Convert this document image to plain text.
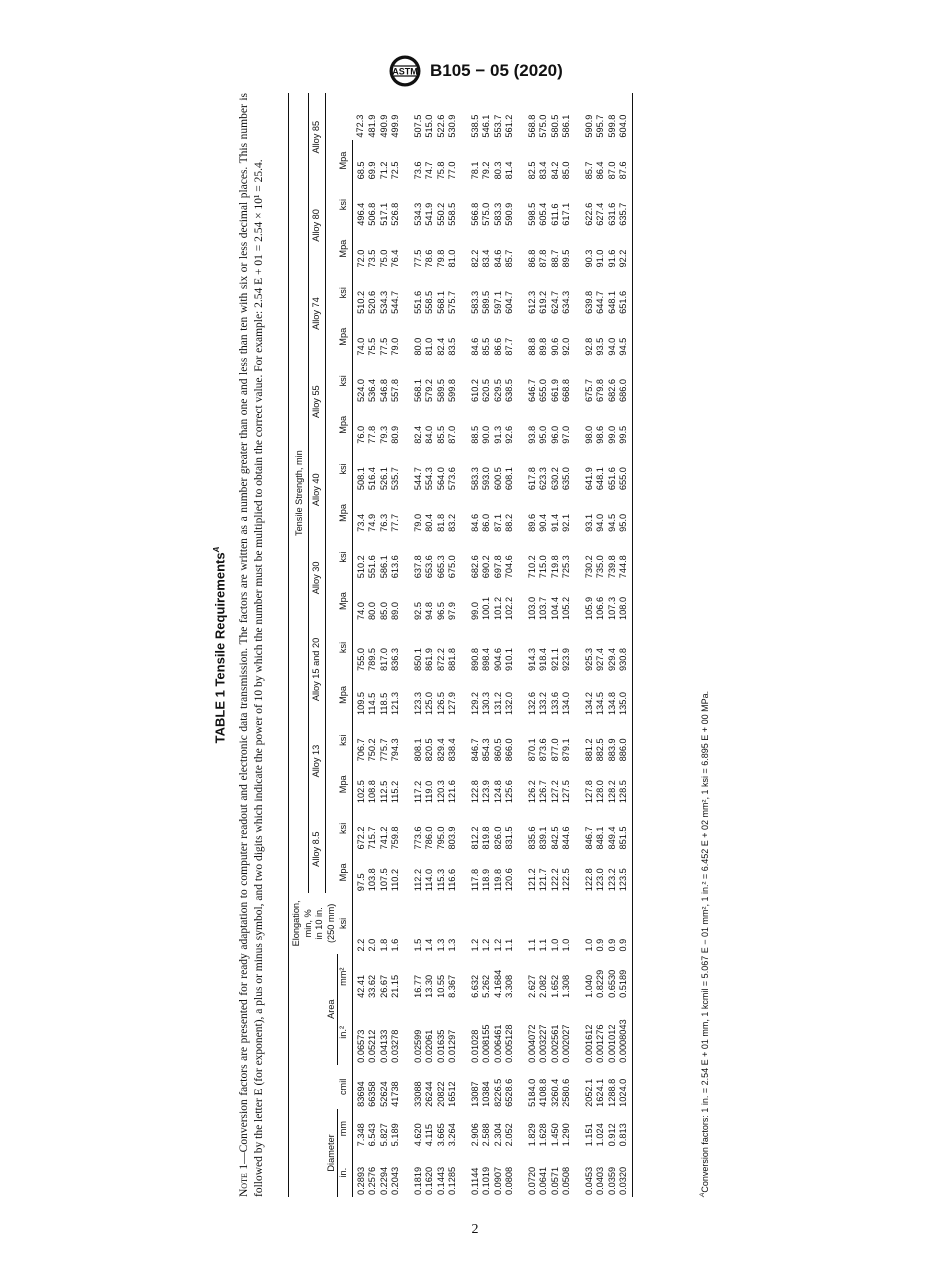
ASTM B105 − 05 (2020)
TABLE 1 Tensile Requirements$^A$
Note 1—Conversion factors are presented for ready adaptation to computer readout and electronic data transmission. The factors are written as a number greater than one and less than ten with six or less decimal places. This number is followed by the letter E (for exponent), a plus or minus symbol, and two digits which indicate the power of 10 by which the number must be multiplied to obtain the correct value. For example: 2.54 E + 01 = 2.54 × 10¹ = 25.4.

					Elongation, min, % in 10 in.	Tensile Strength, min																	
						Alloy 8.5		Alloy 13		Alloy 15 and 20		Alloy 30		Alloy 40		Alloy 55		Alloy 74		Alloy 80		Alloy 85	
Diameter			Area		(250 mm)																		
in.	mm	cmil	in.²	mm²	ksi	Mpa	ksi	Mpa	ksi	Mpa	ksi	Mpa	ksi	Mpa	ksi	Mpa	ksi	Mpa	ksi	Mpa	ksi	Mpa	
0.2893	7.348	83694	0.06573	42.41	2.2	97.5	672.2	102.5	706.7	109.5	755.0	74.0	510.2	73.4	508.1	76.0	524.0	74.0	510.2	72.0	496.4	68.5	472.3
0.2576	6.543	66358	0.05212	33.62	2.0	103.8	715.7	108.8	750.2	114.5	789.5	80.0	551.6	74.9	516.4	77.8	536.4	75.5	520.6	73.5	506.8	69.9	481.9
0.2294	5.827	52624	0.04133	26.67	1.8	107.5	741.2	112.5	775.7	118.5	817.0	85.0	586.1	76.3	526.1	79.3	546.8	77.5	534.3	75.0	517.1	71.2	490.9
0.2043	5.189	41738	0.03278	21.15	1.6	110.2	759.8	115.2	794.3	121.3	836.3	89.0	613.6	77.7	535.7	80.9	557.8	79.0	544.7	76.4	526.8	72.5	499.9

0.1819	4.620	33088	0.02599	16.77	1.5	112.2	773.6	117.2	808.1	123.3	850.1	92.5	637.8	79.0	544.7	82.4	568.1	80.0	551.6	77.5	534.3	73.6	507.5
0.1620	4.115	26244	0.02061	13.30	1.4	114.0	786.0	119.0	820.5	125.0	861.9	94.8	653.6	80.4	554.3	84.0	579.2	81.0	558.5	78.6	541.9	74.7	515.0
0.1443	3.665	20822	0.01635	10.55	1.3	115.3	795.0	120.3	829.4	126.5	872.2	96.5	665.3	81.8	564.0	85.5	589.5	82.4	568.1	79.8	550.2	75.8	522.6
0.1285	3.264	16512	0.01297	8.367	1.3	116.6	803.9	121.6	838.4	127.9	881.8	97.9	675.0	83.2	573.6	87.0	599.8	83.5	575.7	81.0	558.5	77.0	530.9

0.1144	2.906	13087	0.01028	6.632	1.2	117.8	812.2	122.8	846.7	129.2	890.8	99.0	682.6	84.6	583.3	88.5	610.2	84.6	583.3	82.2	566.8	78.1	538.5
0.1019	2.588	10384	0.008155	5.262	1.2	118.9	819.8	123.9	854.3	130.3	898.4	100.1	690.2	86.0	593.0	90.0	620.5	85.5	589.5	83.4	575.0	79.2	546.1
0.0907	2.304	8226.5	0.006461	4.1684	1.2	119.8	826.0	124.8	860.5	131.2	904.6	101.2	697.8	87.1	600.5	91.3	629.5	86.6	597.1	84.6	583.3	80.3	553.7
0.0808	2.052	6528.6	0.005128	3.308	1.1	120.6	831.5	125.6	866.0	132.0	910.1	102.2	704.6	88.2	608.1	92.6	638.5	87.7	604.7	85.7	590.9	81.4	561.2

0.0720	1.829	5184.0	0.004072	2.627	1.1	121.2	835.6	126.2	870.1	132.6	914.3	103.0	710.2	89.6	617.8	93.8	646.7	88.8	612.3	86.8	598.5	82.5	568.8
0.0641	1.628	4108.8	0.003227	2.082	1.1	121.7	839.1	126.7	873.6	133.2	918.4	103.7	715.0	90.4	623.3	95.0	655.0	89.8	619.2	87.8	605.4	83.4	575.0
0.0571	1.450	3260.4	0.002561	1.652	1.0	122.2	842.5	127.2	877.0	133.6	921.1	104.4	719.8	91.4	630.2	96.0	661.9	90.6	624.7	88.7	611.6	84.2	580.5
0.0508	1.290	2580.6	0.002027	1.308	1.0	122.5	844.6	127.5	879.1	134.0	923.9	105.2	725.3	92.1	635.0	97.0	668.8	92.0	634.3	89.5	617.1	85.0	586.1

0.0453	1.151	2052.1	0.001612	1.040	1.0	122.8	846.7	127.8	881.2	134.2	925.3	105.9	730.2	93.1	641.9	98.0	675.7	92.8	639.8	90.3	622.6	85.7	590.9
0.0403	1.024	1624.1	0.001276	0.8229	0.9	123.0	848.1	128.0	882.5	134.5	927.4	106.6	735.0	94.0	648.1	98.6	679.8	93.5	644.7	91.0	627.4	86.4	595.7
0.0359	0.912	1288.8	0.001012	0.6530	0.9	123.2	849.4	128.2	883.9	134.8	929.4	107.3	739.8	94.5	651.6	99.0	682.6	94.0	648.1	91.6	631.6	87.0	599.8
0.0320	0.813	1024.0	0.0008043	0.5189	0.9	123.5	851.5	128.5	886.0	135.0	930.8	108.0	744.8	95.0	655.0	99.5	686.0	94.5	651.6	92.2	635.7	87.6	604.0
$^A$Conversion factors: 1 in. = 2.54 E + 01 mm, 1 kcmil = 5.067 E − 01 mm², 1 in.² = 6.452 E + 02 mm², 1 ksi = 6.895 E + 00 MPa.
2
